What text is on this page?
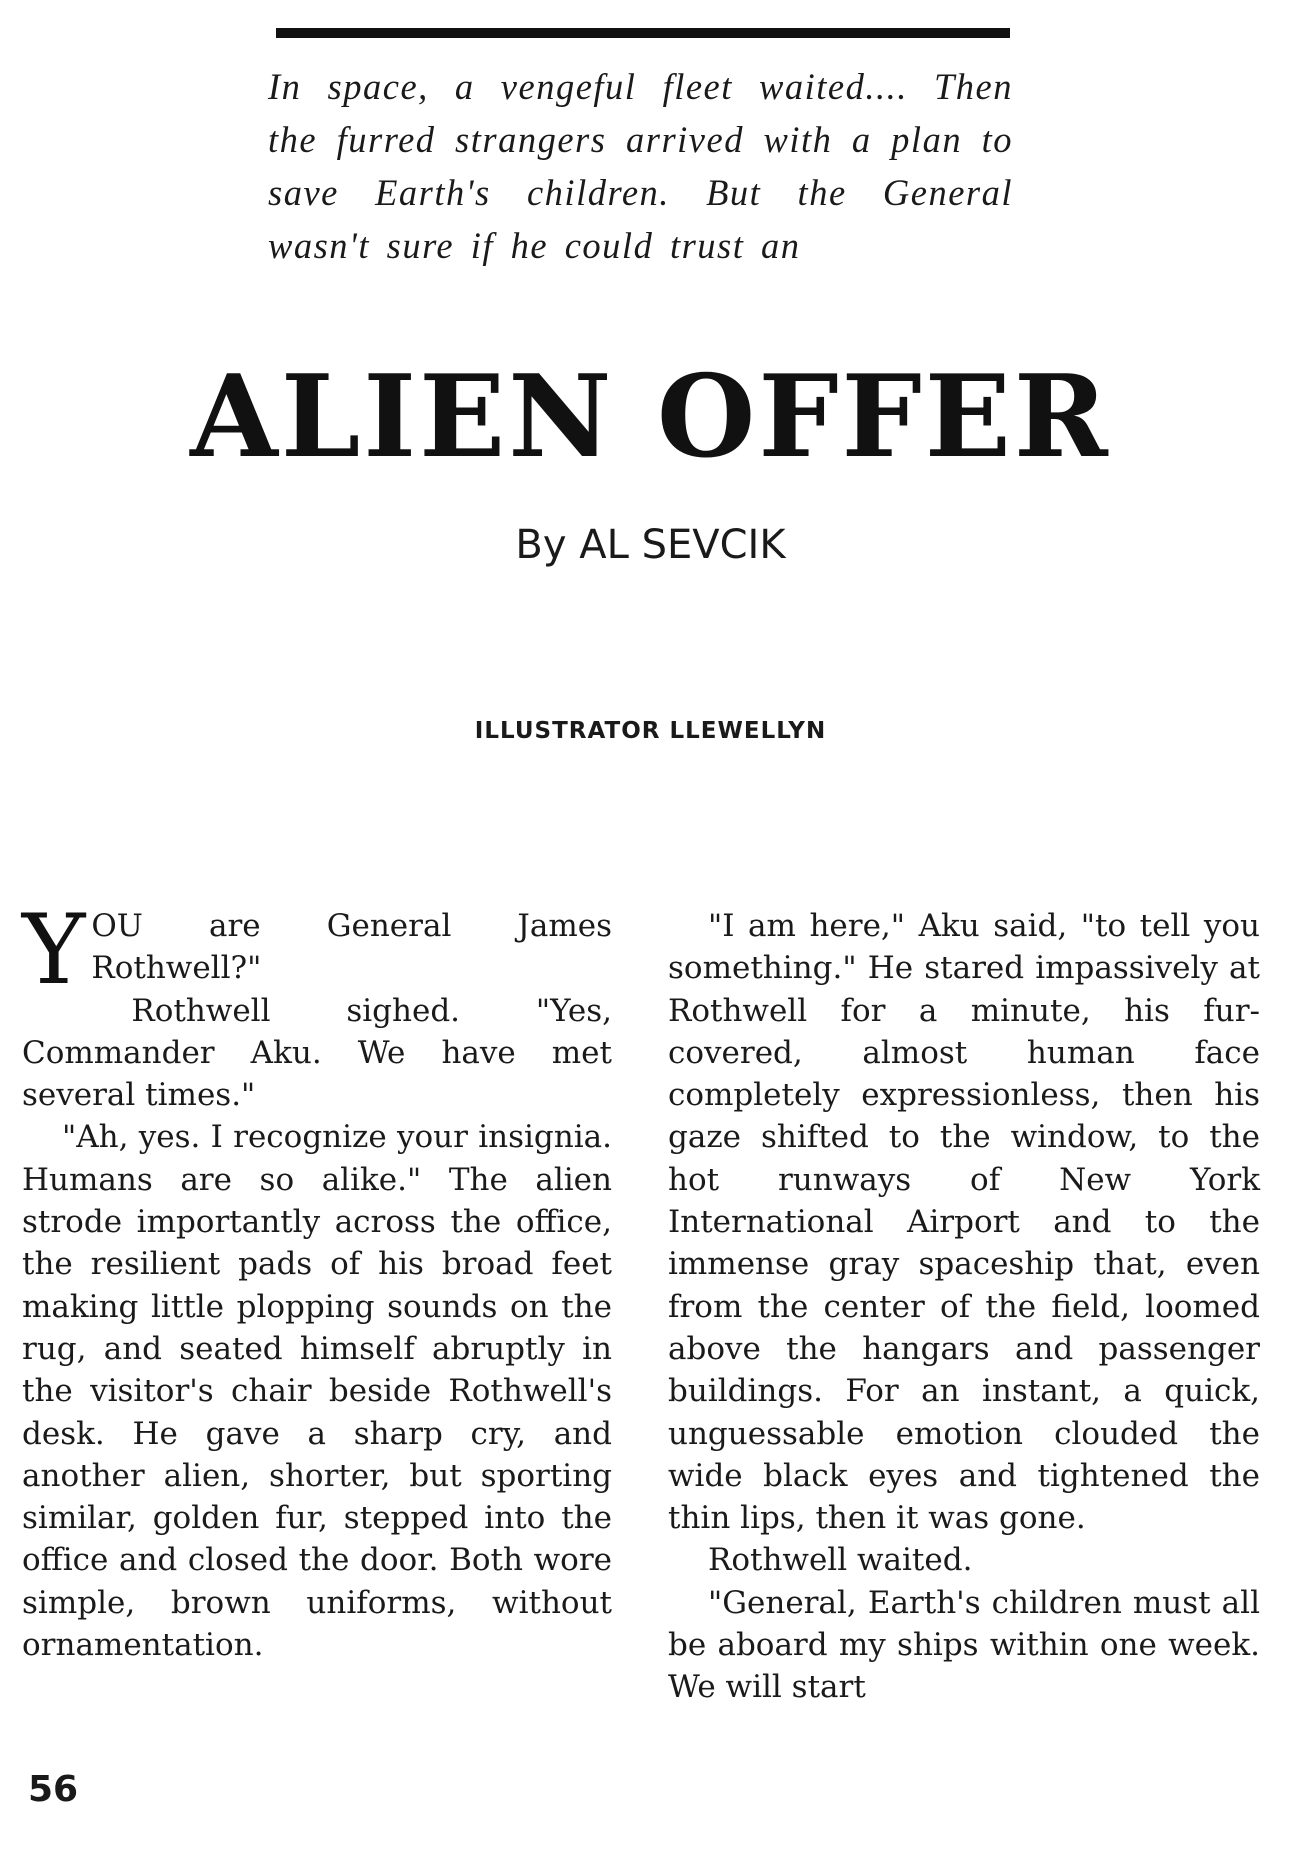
In space, a vengeful fleet waited.... Then the furred strangers arrived with a plan to save Earth's children. But the General wasn't sure if he could trust an

ALIEN OFFER

By AL SEVCIK

ILLUSTRATOR LLEWELLYN

YOU are General James Rothwell?"

Rothwell sighed. "Yes, Commander Aku. We have met several times."

"Ah, yes. I recognize your insignia. Humans are so alike." The alien strode importantly across the office, the resilient pads of his broad feet making little plopping sounds on the rug, and seated himself abruptly in the visitor's chair beside Rothwell's desk. He gave a sharp cry, and another alien, shorter, but sporting similar, golden fur, stepped into the office and closed the door. Both wore simple, brown uniforms, without ornamentation.

"I am here," Aku said, "to tell you something." He stared impassively at Rothwell for a minute, his fur-covered, almost human face completely expressionless, then his gaze shifted to the window, to the hot runways of New York International Airport and to the immense gray spaceship that, even from the center of the field, loomed above the hangars and passenger buildings. For an instant, a quick, unguessable emotion clouded the wide black eyes and tightened the thin lips, then it was gone.

Rothwell waited.

"General, Earth's children must all be aboard my ships within one week. We will start

56
